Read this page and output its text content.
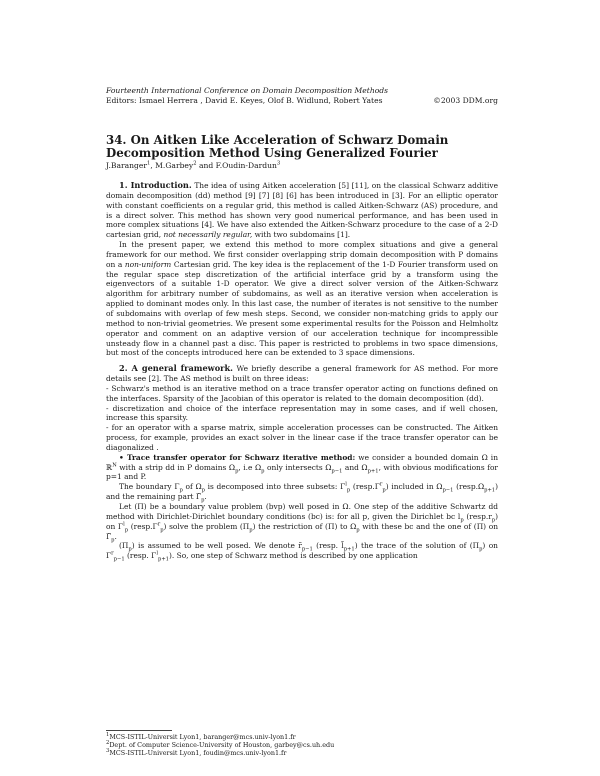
Fourteenth International Conference on Domain Decomposition Methods
Editors: Ismael Herrera , David E. Keyes, Olof B. Widlund, Robert Yates	©2003 DDM.org
34. On Aitken Like Acceleration of Schwarz Domain Decomposition Method Using Generalized Fourier
J.Baranger$^1$, M.Garbey$^2$ and F.Oudin-Dardun$^3$

1. Introduction. The idea of using Aitken acceleration [5] [11], on the classical Schwarz additive domain decomposition (dd) method [9] [7] [8] [6] has been introduced in [3]. For an elliptic operator with constant coefficients on a regular grid, this method is called Aitken-Schwarz (AS) procedure, and is a direct solver. This method has shown very good numerical performance, and has been used in more complex situations [4]. We have also extended the Aitken-Schwarz procedure to the case of a 2-D cartesian grid, not necessarily regular, with two subdomains [1].

In the present paper, we extend this method to more complex situations and give a general framework for our method. We first consider overlapping strip domain decomposition with P domains on a non-uniform Cartesian grid. The key idea is the replacement of the 1-D Fourier transform used on the regular space step discretization of the artificial interface grid by a transform using the eigenvectors of a suitable 1-D operator. We give a direct solver version of the Aitken-Schwarz algorithm for arbitrary number of subdomains, as well as an iterative version when acceleration is applied to dominant modes only. In this last case, the number of iterates is not sensitive to the number of subdomains with overlap of few mesh steps. Second, we consider non-matching grids to apply our method to non-trivial geometries. We present some experimental results for the Poisson and Helmholtz operator and comment on an adaptive version of our acceleration technique for incompressible unsteady flow in a channel past a disc. This paper is restricted to problems in two space dimensions, but most of the concepts introduced here can be extended to 3 space dimensions.

2. A general framework. We briefly describe a general framework for AS method. For more details see [2]. The AS method is built on three ideas:

- Schwarz's method is an iterative method on a trace transfer operator acting on functions defined on the interfaces. Sparsity of the Jacobian of this operator is related to the domain decomposition (dd).

- discretization and choice of the interface representation may in some cases, and if well chosen, increase this sparsity.

- for an operator with a sparse matrix, simple acceleration processes can be constructed. The Aitken process, for example, provides an exact solver in the linear case if the trace transfer operator can be diagonalized .

• Trace transfer operator for Schwarz iterative method: we consider a bounded domain Ω in ℝ$^N$ with a strip dd in P domains $\Omega_p$, i.e $\Omega_p$ only intersects $\Omega_{p-1}$ and $\Omega_{p+1}$, with obvious modifications for p=1 and P.

The boundary $\Gamma_p$ of $\Omega_p$ is decomposed into three subsets: $\Gamma^l_p$ $(resp.\Gamma^r_p)$ included in $\Omega_{p-1}$ $(resp.\Omega_{p+1})$ and the remaining part $\Gammã_p$.

Let (Π) be a boundary value problem (bvp) well posed in Ω. One step of the additive Schwartz dd method with Dirichlet-Dirichlet boundary conditions (bc) is: for all p, given the Dirichlet bc $l_p$ $(resp.r_p)$ on $\Gamma^l_p$ $(resp.\Gamma^r_p)$ solve the problem $(\Pi_p)$ the restriction of (Π) to $\Omega_p$ with these bc and the one of (Π) on $\Gammã_p$.

$(\Pi_p)$ is assumed to be well posed. We denote $r̃_{p-1}$ (resp. $l̃_{p+1}$) the trace of the solution of $(\Pi_p)$ on $\Gamma^r_{p-1}$ (resp. $\Gamma^l_{p+1}$). So, one step of Schwarz method is described by one application

$^1$MCS-ISTIL-Universit Lyon1, baranger@mcs.univ-lyon1.fr
$^2$Dept. of Computer Science-University of Houston, garbey@cs.uh.edu
$^3$MCS-ISTIL-Universit Lyon1, foudin@mcs.univ-lyon1.fr
